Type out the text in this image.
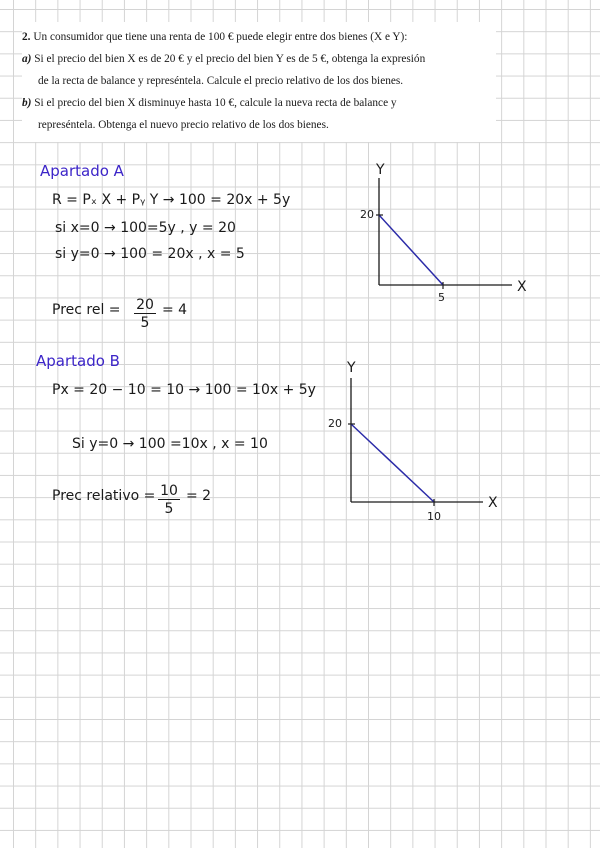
2. Un consumidor que tiene una renta de 100 € puede elegir entre dos bienes (X e Y):

a) Si el precio del bien X es de 20 € y el precio del bien Y es de 5 €, obtenga la expresión

de la recta de balance y represéntela. Calcule el precio relativo de los dos bienes.

b) Si el precio del bien X disminuye hasta 10 €, calcule la nueva recta de balance y

represéntela. Obtenga el nuevo precio relativo de los dos bienes.

Apartado A
R = Pₓ X + Pᵧ Y → 100 = 20x + 5y
si x=0 → 100=5y , y = 20
si y=0 → 100 = 20x , x = 5
Prec rel = $\frac{20}{5} = 4$
Y
X
20
5
Apartado B
Px = 20 − 10 = 10 → 100 = 10x + 5y
Si y=0 → 100 =10x , x = 10
Prec relativo = $\frac{10}{5} = 2$
Y
X
20
10
